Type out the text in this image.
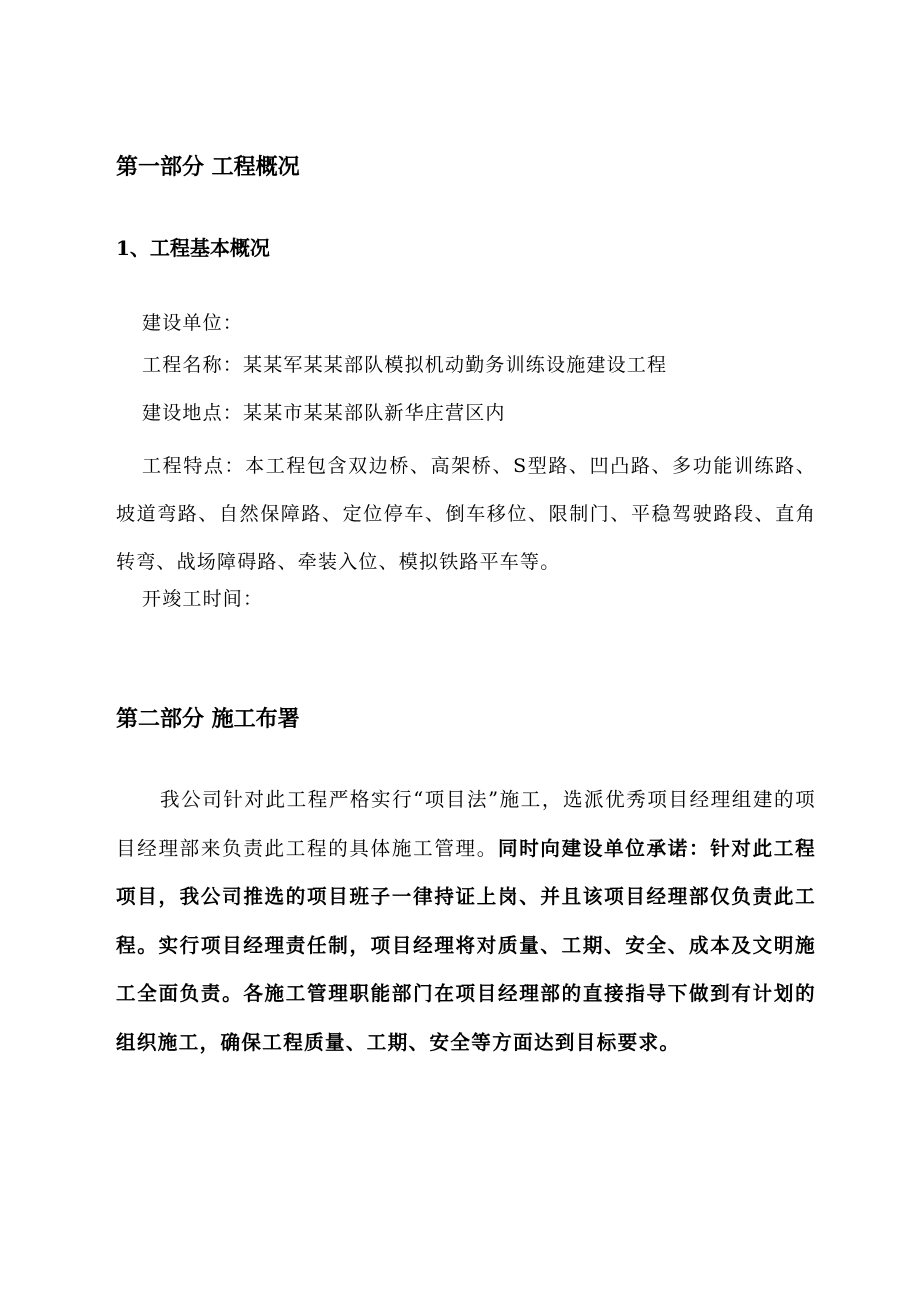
第一部分 工程概况
1、工程基本概况

建设单位：

工程名称：某某军某某部队模拟机动勤务训练设施建设工程

建设地点：某某市某某部队新华庄营区内

工程特点：本工程包含双边桥、高架桥、S型路、凹凸路、多功能训练路、坡道弯路、自然保障路、定位停车、倒车移位、限制门、平稳驾驶路段、直角转弯、战场障碍路、牵装入位、模拟铁路平车等。

开竣工时间：

第二部分 施工布署

我公司针对此工程严格实行“项目法”施工，选派优秀项目经理组建的项目经理部来负责此工程的具体施工管理。同时向建设单位承诺：针对此工程项目，我公司推选的项目班子一律持证上岗、并且该项目经理部仅负责此工程。实行项目经理责任制，项目经理将对质量、工期、安全、成本及文明施工全面负责。各施工管理职能部门在项目经理部的直接指导下做到有计划的组织施工，确保工程质量、工期、安全等方面达到目标要求。
